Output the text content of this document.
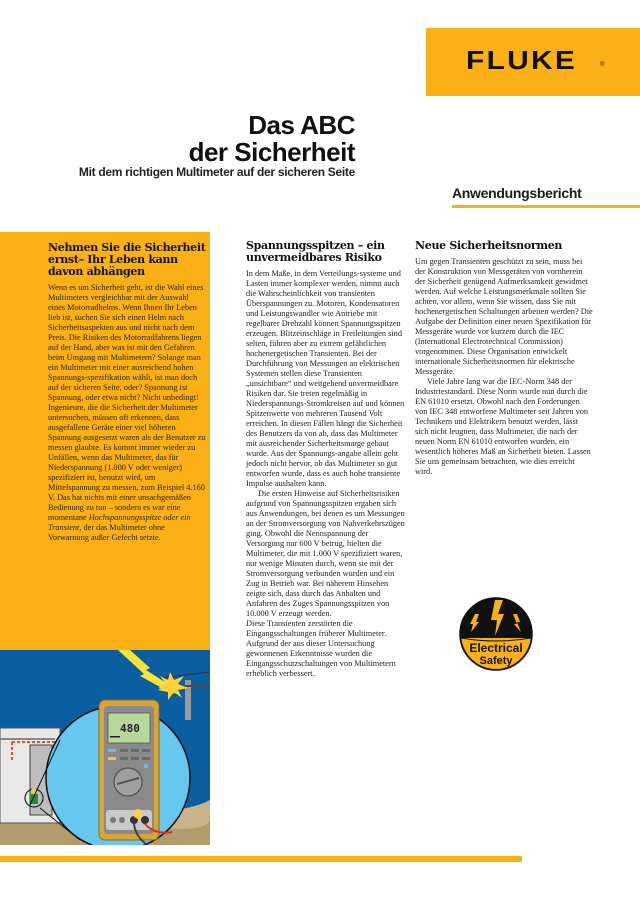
FLUKE	®
Das ABC
der Sicherheit
Mit dem richtigen Multimeter auf der sicheren Seite
Anwendungsbericht
Nehmen Sie die Sicherheit ernst– Ihr Leben kann davon abhängen
Wenn es um Sicherheit geht, ist die Wahl eines Multimeters vergleichbar mit der Auswahl eines Motorradhelms. Wenn Ihnen Ihr Leben lieb ist, suchen Sie sich einen Helm nach Sicherheitsaspekten aus und nicht nach dem Preis. Die Risiken des Motorradfahrens liegen auf der Hand, aber was ist mit den Gefahren beim Umgang mit Multimetern? Solange man ein Multimeter mit einer ausreichend hohen Spannungs-spezifikation wählt, ist man doch auf der sicheren Seite, oder? Spannung ist Spannung, oder etwa nicht? Nicht unbedingt! Ingenieure, die die Sicherheit der Multimeter untersuchen, müssen oft erkennen, dass ausgefallene Geräte einer viel höheren Spannung ausgesetzt waren als der Benutzer zu messen glaubte. Es kommt immer wieder zu Unfällen, wenn das Multimeter, das für Niederspannung (1.000 V oder weniger) spezifiziert ist, benutzt wird, um Mittelspannung zu messen, zum Beispiel 4.160 V. Das hat nichts mit einer unsachgemäßen Bedienung zu tun – sondern es war eine momentane Hochspannungsspitze oder ein Transient, der das Multimeter ohne Vorwarnung außer Gefecht setzte.
480
Spannungsspitzen – ein unvermeidbares Risiko

In dem Maße, in dem Verteilungs-systeme und Lasten immer komplexer werden, nimmt auch die Wahrscheinlichkeit von transienten Überspannungen zu. Motoren, Kondensatoren und Leistungswandler wie Antriebe mit regelbarer Drehzahl können Spannungsspitzen erzeugen. Blitzeinschläge in Freileitungen sind selten, führen aber zu extrem gefährlichen hochenergetischen Transienten. Bei der Durchführung von Messungen an elektrischen Systemen stellen diese Transienten „unsichtbare“ und weitgehend unvermeidbare Risiken dar. Sie treten regelmäßig in Niederspannungs-Stromkreisen auf und können Spitzenwerte von mehreren Tausend Volt erreichen. In diesen Fällen hängt die Sicherheit des Benutzers da von ab, dass das Multimeter mit ausreichender Sicherheitsmarge gebaut wurde. Aus der Spannungs-angabe allein geht jedoch nicht hervor, ob das Multimeter so gut entworfen wurde, dass es auch hohe transiente Impulse aushalten kann.

Die ersten Hinweise auf Sicherheitsrisiken aufgrund von Spannungsspitzen ergaben sich aus Anwendungen, bei denen es um Messungen an der Stromversorgung von Nahverkehrszügen ging. Obwohl die Nennspannung der Versorgung nur 600 V betrug, hielten die Multimeter, die mit 1.000 V spezifiziert waren, nur wenige Minuten durch, wenn sie mit der Stromversorgung verbunden wurden und ein Zug in Betrieb war. Bei näherem Hinsehen zeigte sich, dass durch das Anhalten und Anfahren des Zuges Spannungsspitzen von 10.000 V erzeugt werden.

Diese Transienten zerstörten die Eingangsschaltungen früherer Multimeter. Aufgrund der aus dieser Untersuchung gewonnenen Erkenntnisse wurden die Eingangsschutzschaltungen von Multimetern erheblich verbessert.

Neue Sicherheitsnormen

Um gegen Transienten geschützt zu sein, muss bei der Konstruktion von Messgeräten von vornherein der Sicherheit genügend Aufmerksamkeit gewidmet werden. Auf welche Leistungsmerkmale sollten Sie achten, vor allem, wenn Sie wissen, dass Sie mit hochenergetischen Schaltungen arbeiten werden? Die Aufgabe der Definition einer neuen Spezifikation für Messgeräte wurde vor kurzem durch die IEC (International Electrotechnical Commission) vorgenommen. Diese Organisation entwickelt internationale Sicherheitsnormen für elektrische Messgeräte.

Viele Jahre lang war die IEC-Norm 348 der Industriestandard. Diese Norm wurde nun durch die EN 61010 ersetzt. Obwohl nach den Forderungen von IEC 348 entworfene Multimeter seit Jahren von Technikern und Elektrikern benutzt werden, lässt sich nicht leugnen, dass Multimeter, die nach der neuen Norm EN 61010 entworfen wurden, ein wesentlich höheres Maß an Sicherheit bieten. Lassen Sie uns gemeinsam betrachten, wie dies erreicht wird.

Electrical
Safety
